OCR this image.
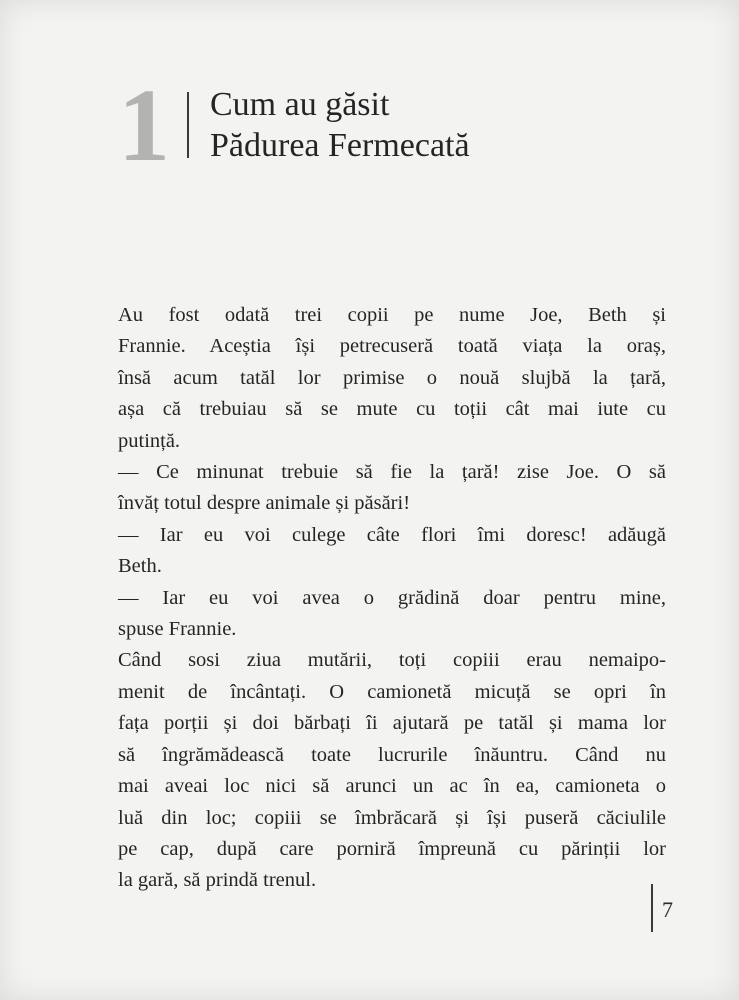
1 Cum au găsit
Pădurea Fermecată
Au fost odată trei copii pe nume Joe, Beth și
Frannie. Aceștia își petrecuseră toată viața la oraș,
însă acum tatăl lor primise o nouă slujbă la țară,
așa că trebuiau să se mute cu toții cât mai iute cu
putință.
— Ce minunat trebuie să fie la țară! zise Joe. O să
învăț totul despre animale și păsări!
— Iar eu voi culege câte flori îmi doresc! adăugă
Beth.
— Iar eu voi avea o grădină doar pentru mine,
spuse Frannie.
Când sosi ziua mutării, toți copiii erau nemaipo-
menit de încântați. O camionetă micuță se opri în
fața porții și doi bărbați îi ajutară pe tatăl și mama lor
să îngrămădească toate lucrurile înăuntru. Când nu
mai aveai loc nici să arunci un ac în ea, camioneta o
luă din loc; copiii se îmbrăcară și își puseră căciulile
pe cap, după care porniră împreună cu părinții lor
la gară, să prindă trenul.
7
